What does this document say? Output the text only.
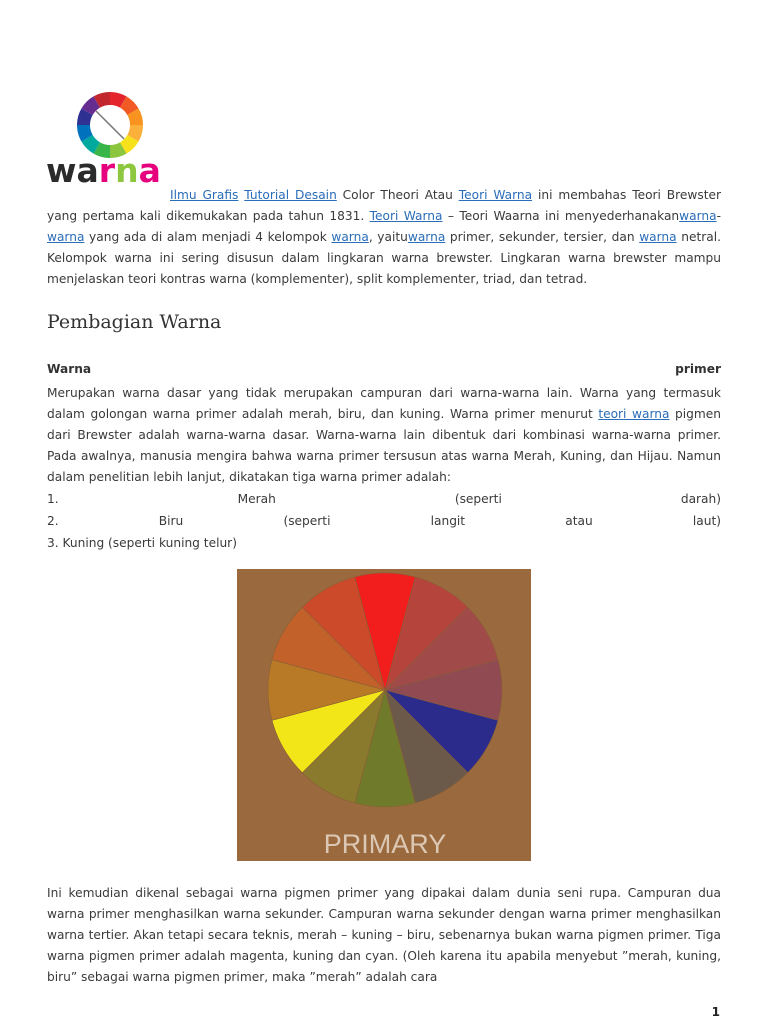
warna

Ilmu Grafis Tutorial Desain Color Theori Atau Teori Warna ini membahas Teori Brewster yang pertama kali dikemukakan pada tahun 1831. Teori Warna – Teori Waarna ini menyederhanakanwarna-warna yang ada di alam menjadi 4 kelompok warna, yaituwarna primer, sekunder, tersier, dan warna netral. Kelompok warna ini sering disusun dalam lingkaran warna brewster. Lingkaran warna brewster mampu menjelaskan teori kontras warna (komplementer), split komplementer, triad, dan tetrad.

Pembagian Warna
Warna	primer

Merupakan warna dasar yang tidak merupakan campuran dari warna-warna lain. Warna yang termasuk dalam golongan warna primer adalah merah, biru, dan kuning. Warna primer menurut teori warna pigmen dari Brewster adalah warna-warna dasar. Warna-warna lain dibentuk dari kombinasi warna-warna primer. Pada awalnya, manusia mengira bahwa warna primer tersusun atas warna Merah, Kuning, dan Hijau. Namun dalam penelitian lebih lanjut, dikatakan tiga warna primer adalah:

1.	Merah	(seperti	darah)
2.	Biru	(seperti	langit	atau	laut)
3. Kuning (seperti kuning telur)
PRIMARY

Ini kemudian dikenal sebagai warna pigmen primer yang dipakai dalam dunia seni rupa. Campuran dua warna primer menghasilkan warna sekunder. Campuran warna sekunder dengan warna primer menghasilkan warna tertier. Akan tetapi secara teknis, merah – kuning – biru, sebenarnya bukan warna pigmen primer. Tiga warna pigmen primer adalah magenta, kuning dan cyan. (Oleh karena itu apabila menyebut ”merah, kuning, biru” sebagai warna pigmen primer, maka ”merah” adalah cara

1
